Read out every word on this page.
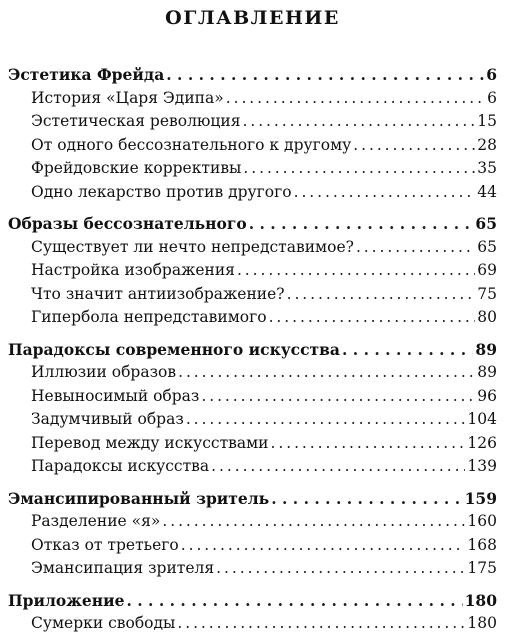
ОГЛАВЛЕНИЕ
Эстетика Фрейда . . .	6
История «Царя Эдипа» . . .	6
Эстетическая революция . . .	15
От одного бессознательного к другому . . .	28
Фрейдовские коррективы . . .	35
Одно лекарство против другого . . .	44
Образы бессознательного . . .	65
Существует ли нечто непредставимое? . . .	65
Настройка изображения . . .	69
Что значит антиизображение? . . .	75
Гипербола непредставимого . . .	80
Парадоксы современного искусства . . .	89
Иллюзии образов . . .	89
Невыносимый образ . . .	96
Задумчивый образ . . .	104
Перевод между искусствами . . .	126
Парадоксы искусства . . .	139
Эмансипированный зритель . . .	159
Разделение «я» . . .	160
Отказ от третьего . . .	168
Эмансипация зрителя . . .	175
Приложение . . .	180
Сумерки свободы . . .	180
